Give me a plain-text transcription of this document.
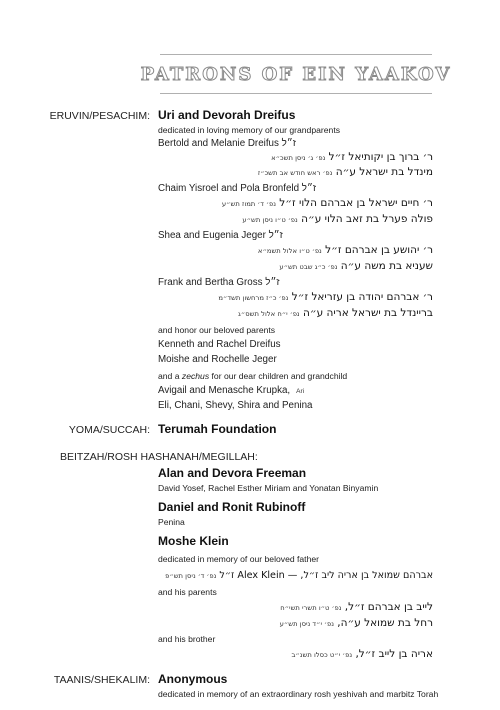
PATRONS OF EIN YAAKOV
ERUVIN/PESACHIM: Uri and Devorah Dreifus
dedicated in loving memory of our grandparents
Bertold and Melanie Dreifus ז״ל
ר׳ ברוך בן יקותיאל ז״ל נפ׳ ג׳ ניסן תשכ״א
מינדל בת ישראל ע״ה נפ׳ ראש חודש אב תשכ״ז
Chaim Yisroel and Pola Bronfeld ז״ל
ר׳ חיים ישראל בן אברהם הלוי ז״ל נפ׳ ד׳ תמוז תש״ע
פולה פערל בת זאב הלוי ע״ה נפ׳ ט״ו ניסן תש״ע
Shea and Eugenia Jeger ז״ל
ר׳ יהושע בן אברהם ז״ל נפ׳ ט״ו אלול תשמ״א
שעניא בת משה ע״ה נפ׳ כ״ג שבט תש״ע
Frank and Bertha Gross ז״ל
ר׳ אברהם יהודה בן עזריאל ז״ל נפ׳ כ״ז מרחשון תשד״מ
בריינדל בת ישראל אריה ע״ה נפ׳ י״ח אלול תשס״ג
and honor our beloved parents
Kenneth and Rachel Dreifus
Moishe and Rochelle Jeger
and a zechus for our dear children and grandchild
Avigail and Menasche Krupka, Ari
Eli, Chani, Shevy, Shira and Penina
YOMA/SUCCAH: Terumah Foundation
BEITZAH/ROSH HASHANAH/MEGILLAH:
Alan and Devora Freeman
David Yosef, Rachel Esther Miriam and Yonatan Binyamin
Daniel and Ronit Rubinoff
Penina
Moshe Klein
dedicated in memory of our beloved father
אברהם שמואל בן אריה ליב ז״ל, — Alex Klein ז״ל נפ׳ ד׳ ניסן תש״פ
and his parents
לייב בן אברהם ז״ל, נפ׳ ט״ו תשרי תשי״ח
רחל בת שמואל ע״ה, נפ׳ י״ד ניסן תש״ע
and his brother
אריה בן לייב ז״ל, נפ׳ י״ט כסלו תשנ״ב
TAANIS/SHEKALIM: Anonymous
dedicated in memory of an extraordinary rosh yeshivah and marbitz Torah
